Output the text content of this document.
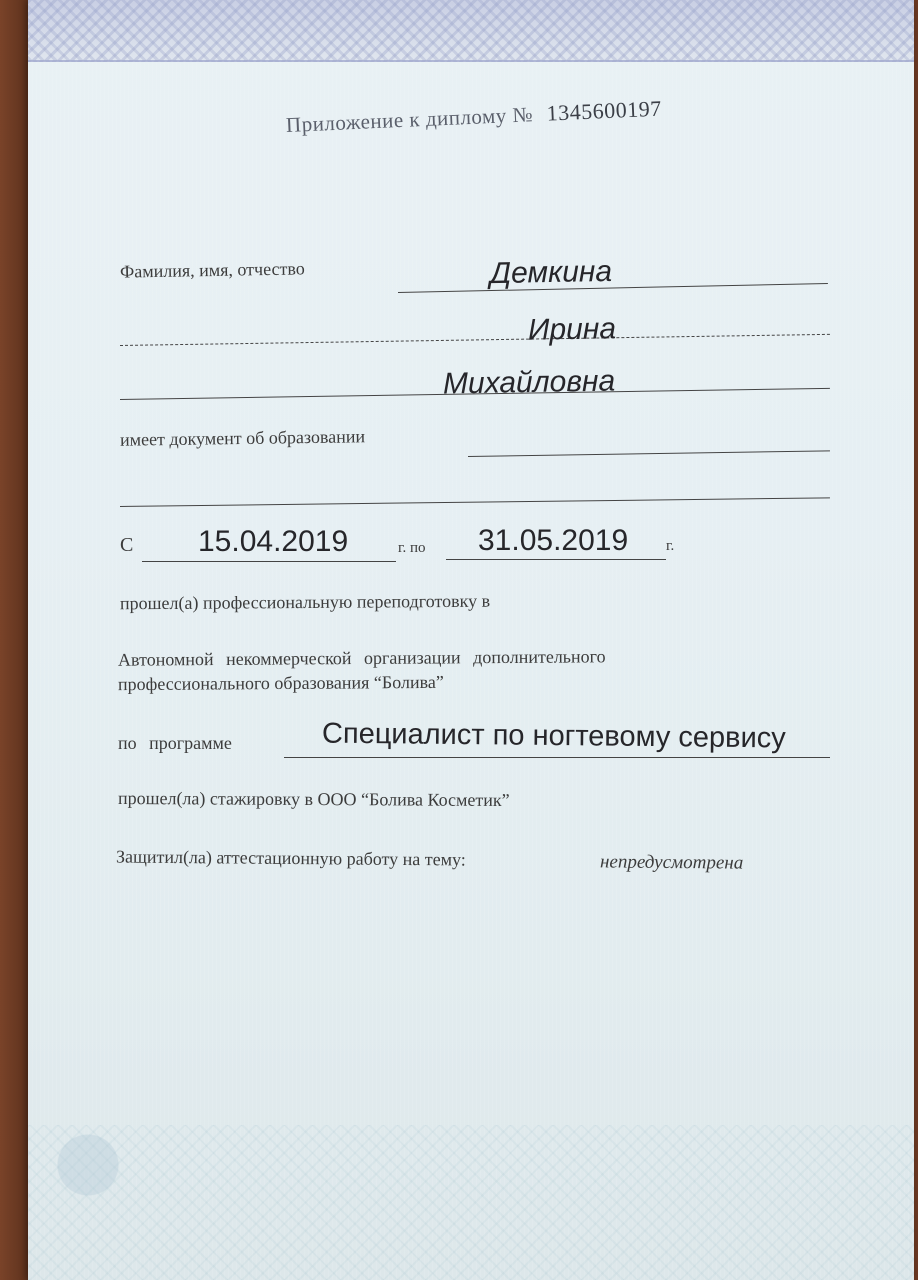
Приложение к диплому № 1345600197
Фамилия, имя, отчество	Демкина
Ирина
Михайловна
имеет документ об образовании
С 15.04.2019	г. по 31.05.2019	г.
прошел(а) профессиональную переподготовку в
Автономной некоммерческой организации дополнительного
профессионального образования “Болива”
по программе	Специалист по ногтевому сервису
прошел(ла) стажировку в ООО “Болива Косметик”
Защитил(ла) аттестационную работу на тему:	непредусмотрена
